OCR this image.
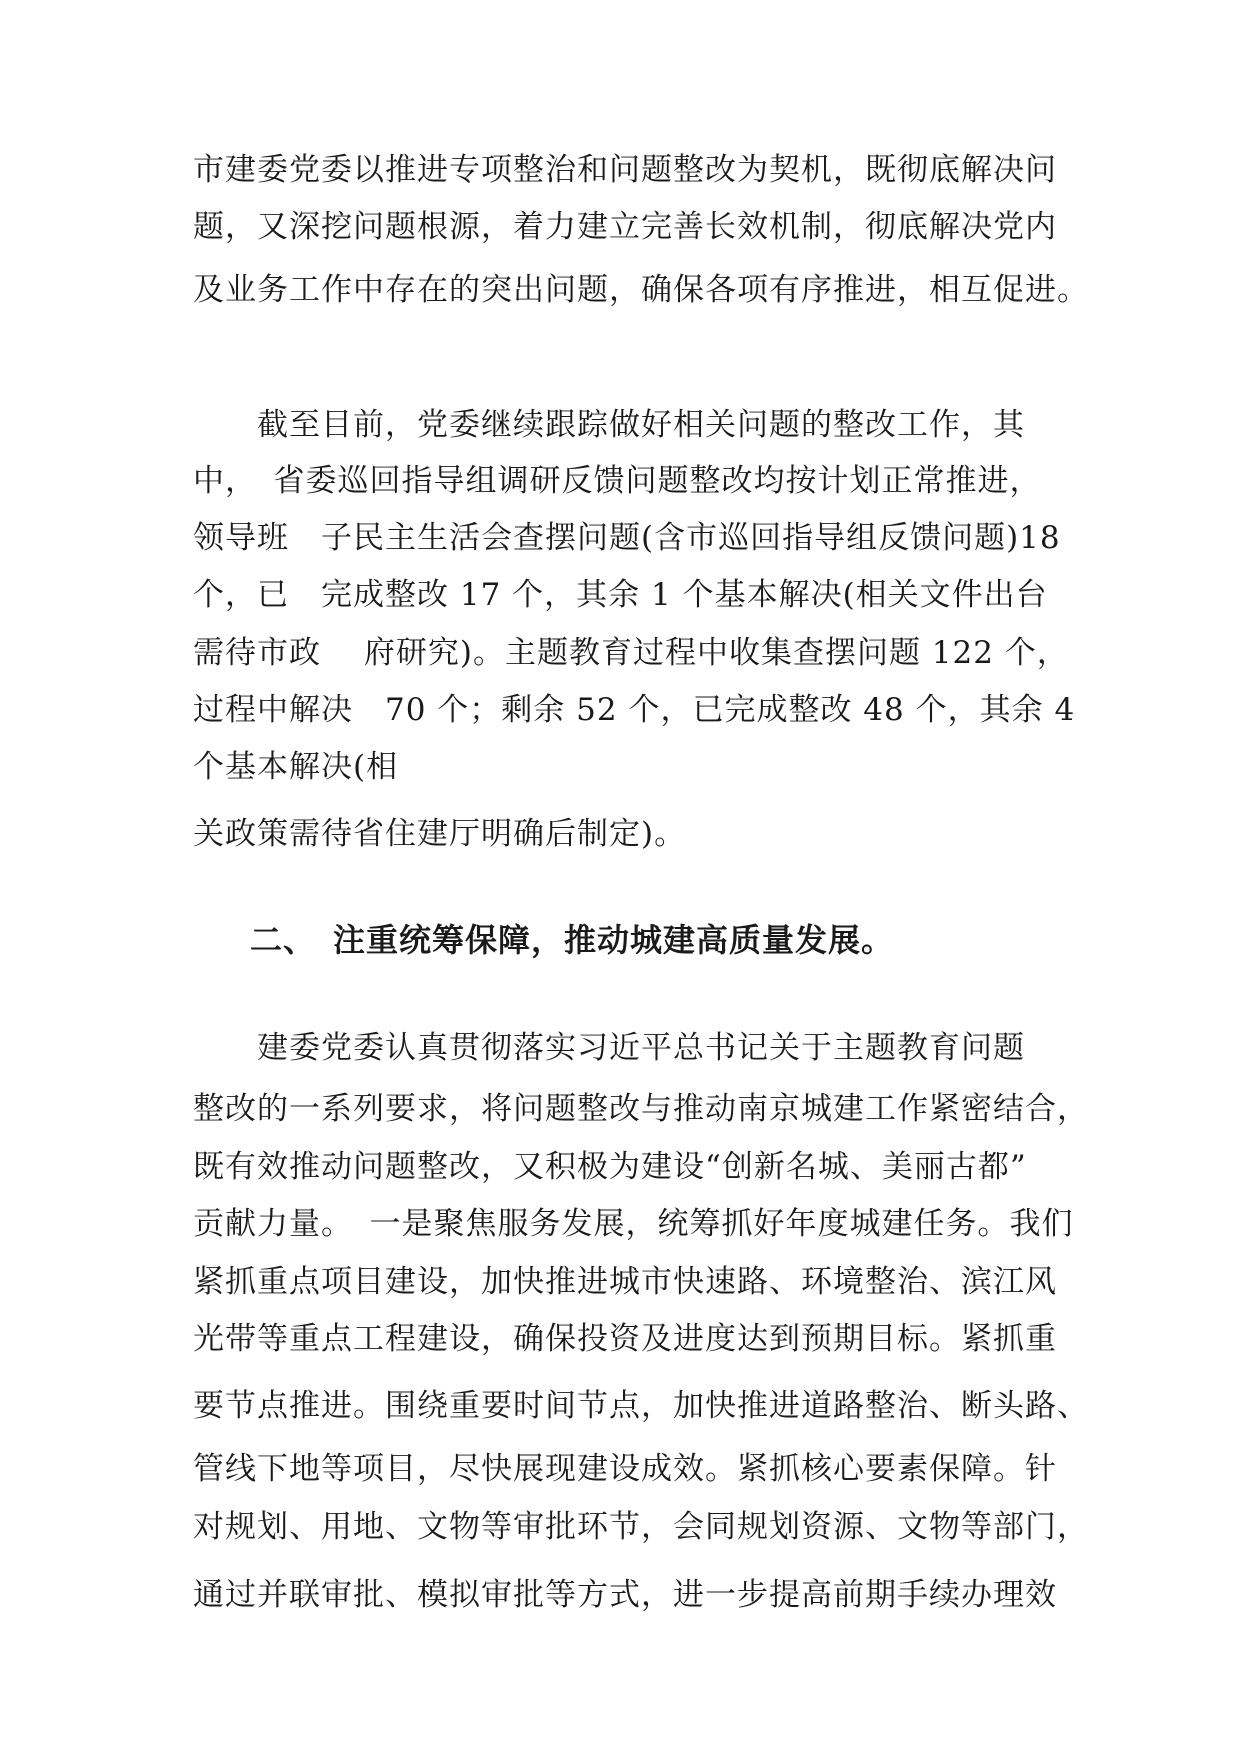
市建委党委以推进专项整治和问题整改为契机，既彻底解决问
题，又深挖问题根源，着力建立完善长效机制，彻底解决党内
及业务工作中存在的突出问题，确保各项有序推进，相互促进。
　　截至目前，党委继续跟踪做好相关问题的整改工作，其
中，　省委巡回指导组调研反馈问题整改均按计划正常推进，
领导班　子民主生活会查摆问题(含市巡回指导组反馈问题)18
个，已　完成整改 17 个，其余 1 个基本解决(相关文件出台
需待市政　 府研究)。主题教育过程中收集查摆问题 122 个，
过程中解决　70 个；剩余 52 个，已完成整改 48 个，其余 4
个基本解决(相
关政策需待省住建厅明确后制定)。
二、　注重统筹保障，推动城建高质量发展。
　　建委党委认真贯彻落实习近平总书记关于主题教育问题
整改的一系列要求，将问题整改与推动南京城建工作紧密结合，
既有效推动问题整改，又积极为建设“创新名城、美丽古都”
贡献力量。　一是聚焦服务发展，统筹抓好年度城建任务。我们
紧抓重点项目建设，加快推进城市快速路、环境整治、滨江风
光带等重点工程建设，确保投资及进度达到预期目标。紧抓重
要节点推进。围绕重要时间节点，加快推进道路整治、断头路、
管线下地等项目，尽快展现建设成效。紧抓核心要素保障。针
对规划、用地、文物等审批环节，会同规划资源、文物等部门，
通过并联审批、模拟审批等方式，进一步提高前期手续办理效
